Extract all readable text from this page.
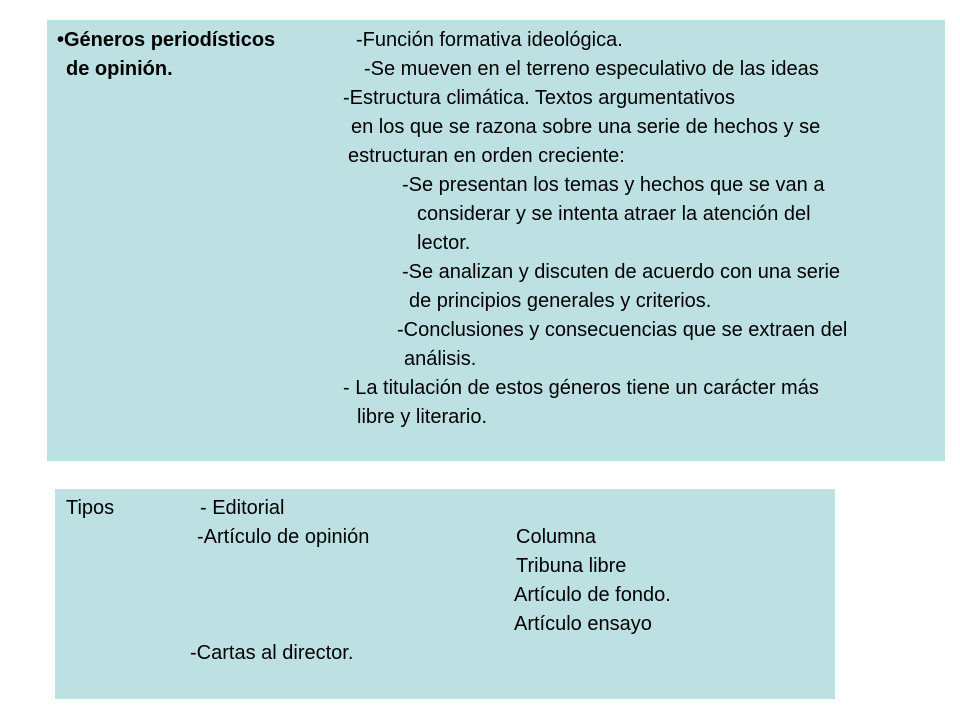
•Géneros periodísticos

de opinión.

-Función formativa ideológica.

-Se mueven en el terreno especulativo de las ideas

-Estructura climática. Textos argumentativos

en los que se razona sobre una serie de hechos y se

estructuran en orden creciente:

-Se presentan los temas y hechos que se van a

considerar y se intenta atraer la atención del

lector.

-Se analizan y discuten de acuerdo con una serie

de principios generales y criterios.

-Conclusiones y consecuencias que se extraen del

análisis.

- La titulación de estos géneros tiene un carácter más

libre y literario.

Tipos	- Editorial

-Artículo de opinión

-Cartas al director.

Columna

Tribuna libre

Artículo de fondo.

Artículo ensayo
